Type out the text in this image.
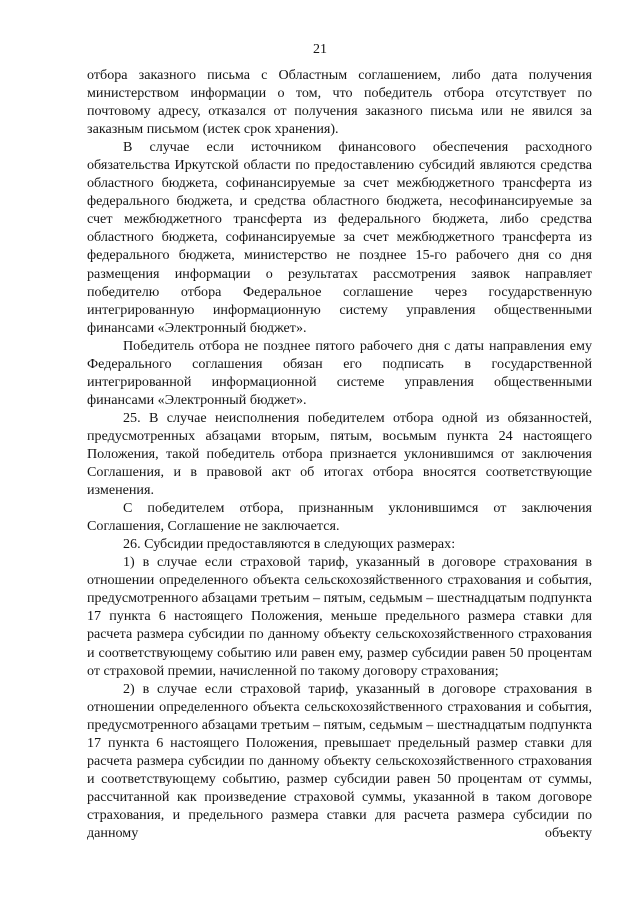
21

отбора заказного письма с Областным соглашением, либо дата получения министерством информации о том, что победитель отбора отсутствует по почтовому адресу, отказался от получения заказного письма или не явился за заказным письмом (истек срок хранения).

В случае если источником финансового обеспечения расходного обязательства Иркутской области по предоставлению субсидий являются средства областного бюджета, софинансируемые за счет межбюджетного трансферта из федерального бюджета, и средства областного бюджета, несофинансируемые за счет межбюджетного трансферта из федерального бюджета, либо средства областного бюджета, софинансируемые за счет межбюджетного трансферта из федерального бюджета, министерство не позднее 15-го рабочего дня со дня размещения информации о результатах рассмотрения заявок направляет победителю отбора Федеральное соглашение через государственную интегрированную информационную систему управления общественными финансами «Электронный бюджет».

Победитель отбора не позднее пятого рабочего дня с даты направления ему Федерального соглашения обязан его подписать в государственной интегрированной информационной системе управления общественными финансами «Электронный бюджет».

25. В случае неисполнения победителем отбора одной из обязанностей, предусмотренных абзацами вторым, пятым, восьмым пункта 24 настоящего Положения, такой победитель отбора признается уклонившимся от заключения Соглашения, и в правовой акт об итогах отбора вносятся соответствующие изменения.

С победителем отбора, признанным уклонившимся от заключения Соглашения, Соглашение не заключается.

26. Субсидии предоставляются в следующих размерах:

1) в случае если страховой тариф, указанный в договоре страхования в отношении определенного объекта сельскохозяйственного страхования и события, предусмотренного абзацами третьим – пятым, седьмым – шестнадцатым подпункта 17 пункта 6 настоящего Положения, меньше предельного размера ставки для расчета размера субсидии по данному объекту сельскохозяйственного страхования и соответствующему событию или равен ему, размер субсидии равен 50 процентам от страховой премии, начисленной по такому договору страхования;

2) в случае если страховой тариф, указанный в договоре страхования в отношении определенного объекта сельскохозяйственного страхования и события, предусмотренного абзацами третьим – пятым, седьмым – шестнадцатым подпункта 17 пункта 6 настоящего Положения, превышает предельный размер ставки для расчета размера субсидии по данному объекту сельскохозяйственного страхования и соответствующему событию, размер субсидии равен 50 процентам от суммы, рассчитанной как произведение страховой суммы, указанной в таком договоре страхования, и предельного размера ставки для расчета размера субсидии по данному объекту
